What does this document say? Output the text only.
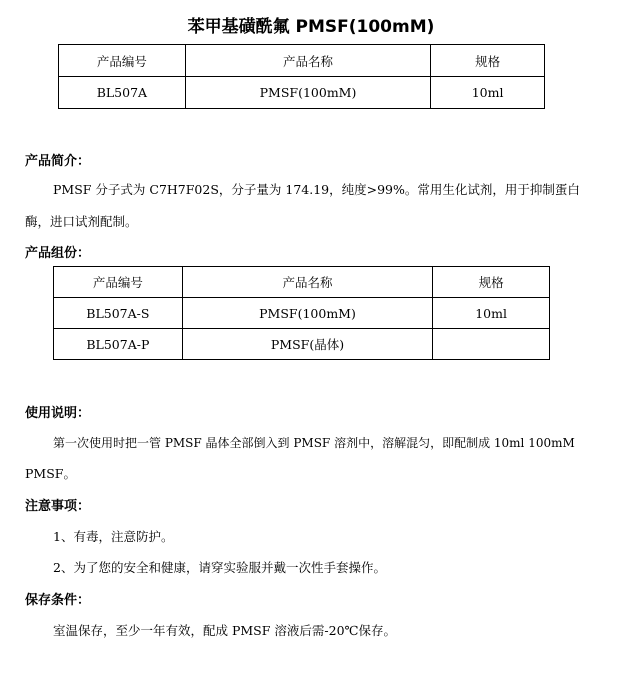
苯甲基磺酰氟 PMSF(100mM)
产品编号	产品名称	规格
BL507A	PMSF(100mM)	10ml
产品简介：
PMSF 分子式为 C7H7F02S，分子量为 174.19，纯度>99%。常用生化试剂，用于抑制蛋白
酶，进口试剂配制。
产品组份：
产品编号	产品名称	规格
BL507A-S	PMSF(100mM)	10ml
BL507A-P	PMSF(晶体)	
使用说明：
第一次使用时把一管 PMSF 晶体全部倒入到 PMSF 溶剂中，溶解混匀，即配制成 10ml 100mM
PMSF。
注意事项：
1、有毒，注意防护。
2、为了您的安全和健康，请穿实验服并戴一次性手套操作。
保存条件：
室温保存，至少一年有效，配成 PMSF 溶液后需-20℃保存。
